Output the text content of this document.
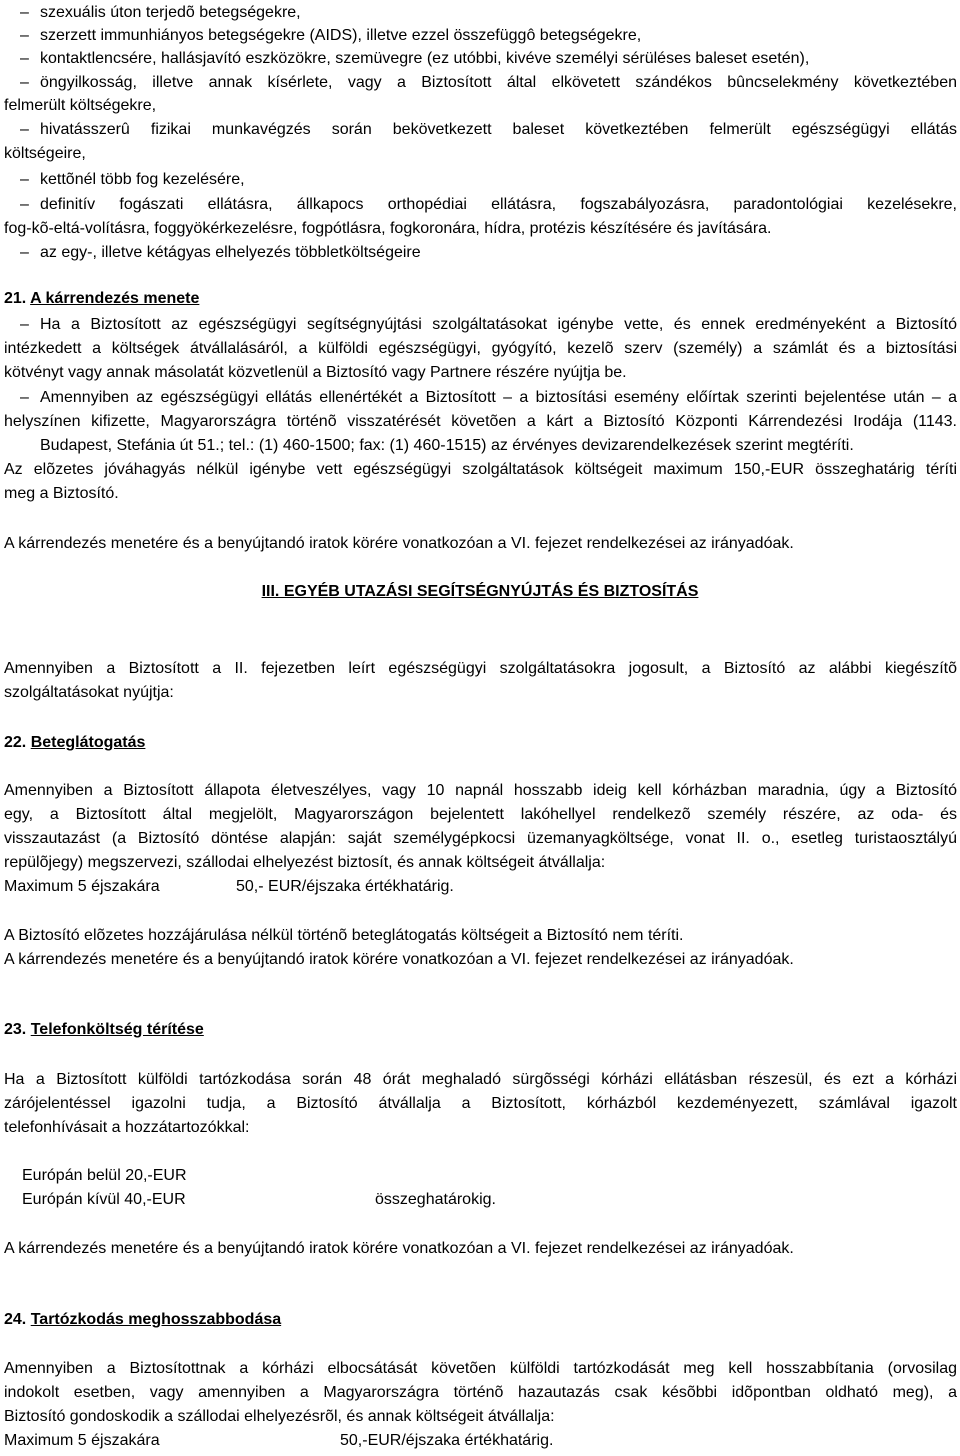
– szexuális úton terjedõ betegségekre,
– szerzett immunhiányos betegségekre (AIDS), illetve ezzel összefüggô betegségekre,
– kontaktlencsére, hallásjavító eszközökre, szemüvegre (ez utóbbi, kivéve személyi sérüléses baleset esetén),
– öngyilkosság, illetve annak kísérlete, vagy a Biztosított által elkövetett szándékos bûncselekmény következtében
felmerült költségekre,
– hivatásszerû fizikai munkavégzés során bekövetkezett baleset következtében felmerült egészségügyi ellátás
költségeire,
– kettõnél több fog kezelésére,
– definitív fogászati ellátásra, állkapocs orthopédiai ellátásra, fogszabályozásra, paradontológiai kezelésekre,
fog-kõ-eltá-volításra, foggyökérkezelésre, fogpótlásra, fogkoronára, hídra, protézis készítésére és javítására.
– az egy-, illetve kétágyas elhelyezés többletköltségeire
21. A kárrendezés menete
– Ha a Biztosított az egészségügyi segítségnyújtási szolgáltatásokat igénybe vette, és ennek eredményeként a Biztosító
intézkedett a költségek átvállalásáról, a külföldi egészségügyi, gyógyító, kezelõ szerv (személy) a számlát és a biztosítási
kötvényt vagy annak másolatát közvetlenül a Biztosító vagy Partnere részére nyújtja be.
– Amennyiben az egészségügyi ellátás ellenértékét a Biztosított – a biztosítási esemény előírtak szerinti bejelentése után – a
helyszínen kifizette, Magyarországra történõ visszatérését követõen a kárt a Biztosító Központi Kárrendezési Irodája (1143.
Budapest, Stefánia út 51.; tel.: (1) 460-1500; fax: (1) 460-1515) az érvényes devizarendelkezések szerint megtéríti.
Az elõzetes jóváhagyás nélkül igénybe vett egészségügyi szolgáltatások költségeit maximum 150,-EUR összeghatárig téríti
meg a Biztosító.
A kárrendezés menetére és a benyújtandó iratok körére vonatkozóan a VI. fejezet rendelkezései az irányadóak.
III. EGYÉB UTAZÁSI SEGÍTSÉGNYÚJTÁS ÉS BIZTOSÍTÁS
Amennyiben a Biztosított a II. fejezetben leírt egészségügyi szolgáltatásokra jogosult, a Biztosító az alábbi kiegészítõ
szolgáltatásokat nyújtja:
22. Beteglátogatás
Amennyiben a Biztosított állapota életveszélyes, vagy 10 napnál hosszabb ideig kell kórházban maradnia, úgy a Biztosító
egy, a Biztosított által megjelölt, Magyarországon bejelentett lakóhellyel rendelkezõ személy részére, az oda- és
visszautazást (a Biztosító döntése alapján: saját személygépkocsi üzemanyagköltsége, vonat II. o., esetleg turistaosztályú
repülõjegy) megszervezi, szállodai elhelyezést biztosít, és annak költségeit átvállalja:
Maximum 5 éjszakára	50,- EUR/éjszaka értékhatárig.
A Biztosító elõzetes hozzájárulása nélkül történõ beteglátogatás költségeit a Biztosító nem téríti.
A kárrendezés menetére és a benyújtandó iratok körére vonatkozóan a VI. fejezet rendelkezései az irányadóak.
23. Telefonköltség térítése
Ha a Biztosított külföldi tartózkodása során 48 órát meghaladó sürgõsségi kórházi ellátásban részesül, és ezt a kórházi
zárójelentéssel igazolni tudja, a Biztosító átvállalja a Biztosított, kórházból kezdeményezett, számlával igazolt
telefonhívásait a hozzátartozókkal:
Európán belül 20,-EUR
Európán kívül 40,-EUR	összeghatárokig.
A kárrendezés menetére és a benyújtandó iratok körére vonatkozóan a VI. fejezet rendelkezései az irányadóak.
24. Tartózkodás meghosszabbodása
Amennyiben a Biztosítottnak a kórházi elbocsátását követõen külföldi tartózkodását meg kell hosszabbítania (orvosilag
indokolt esetben, vagy amennyiben a Magyarországra történõ hazautazás csak késõbbi idõpontban oldható meg), a
Biztosító gondoskodik a szállodai elhelyezésrõl, és annak költségeit átvállalja:
Maximum 5 éjszakára	50,-EUR/éjszaka értékhatárig.
